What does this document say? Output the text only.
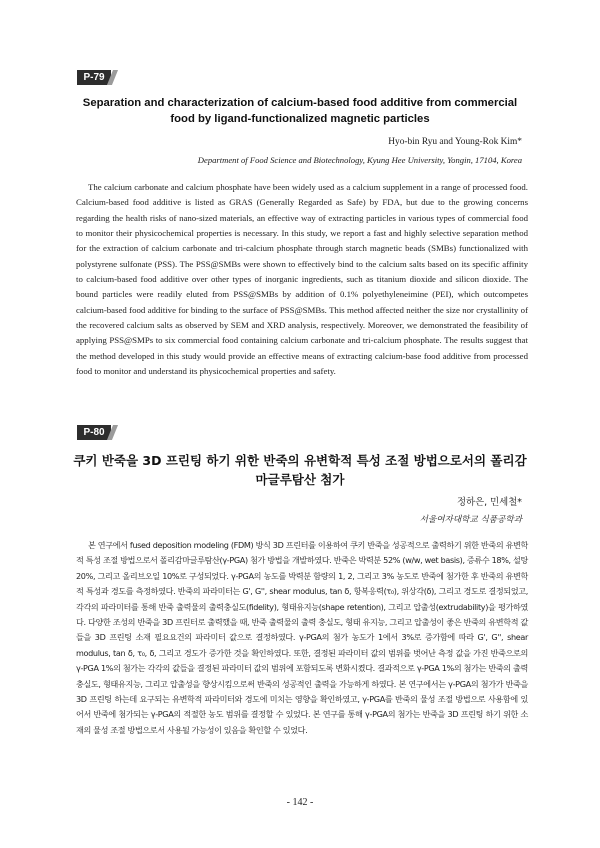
P-79
Separation and characterization of calcium-based food additive from commercial food by ligand-functionalized magnetic particles
Hyo-bin Ryu and Young-Rok Kim*
Department of Food Science and Biotechnology, Kyung Hee University, Yongin, 17104, Korea
The calcium carbonate and calcium phosphate have been widely used as a calcium supplement in a range of processed food. Calcium-based food additive is listed as GRAS (Generally Regarded as Safe) by FDA, but due to the growing concerns regarding the health risks of nano-sized materials, an effective way of extracting particles in various types of commercial food to monitor their physicochemical properties is necessary. In this study, we report a fast and highly selective separation method for the extraction of calcium carbonate and tri-calcium phosphate through starch magnetic beads (SMBs) functionalized with polystyrene sulfonate (PSS). The PSS@SMBs were shown to effectively bind to the calcium salts based on its specific affinity to calcium-based food additive over other types of inorganic ingredients, such as titanium dioxide and silicon dioxide. The bound particles were readily eluted from PSS@SMBs by addition of 0.1% polyethyleneimine (PEI), which outcompetes calcium-based food additive for binding to the surface of PSS@SMBs. This method affected neither the size nor crystallinity of the recovered calcium salts as observed by SEM and XRD analysis, respectively. Moreover, we demonstrated the feasibility of applying PSS@SMPs to six commercial food containing calcium carbonate and tri-calcium phosphate. The results suggest that the method developed in this study would provide an effective means of extracting calcium-base food additive from processed food to monitor and understand its physicochemical properties and safety.
P-80
쿠키 반죽을 3D 프린팅 하기 위한 반죽의 유변학적 특성 조절 방법으로서의 폴리감마글루탐산 첨가
정하은, 민세철*
서울여자대학교 식품공학과
본 연구에서 fused deposition modeling (FDM) 방식 3D 프린터를 이용하여 쿠키 반죽을 성공적으로 출력하기 위한 반죽의 유변학적 특성 조절 방법으로서 폴리감마글루탐산(γ-PGA) 첨가 방법을 개발하였다. 반죽은 박력분 52% (w/w, wet basis), 증류수 18%, 설탕 20%, 그리고 올리브오일 10%로 구성되었다. γ-PGA의 농도를 박력분 함량의 1, 2, 그리고 3% 농도로 반죽에 첨가한 후 반죽의 유변학적 특성과 경도를 측정하였다. 반죽의 파라미터는 G', G'', shear modulus, tan δ, 항복응력(τ₀), 위상각(δ), 그리고 경도로 결정되었고, 각각의 파라미터를 통해 반죽 출력물의 출력충실도(fidelity), 형태유지능(shape retention), 그리고 압출성(extrudability)을 평가하였다. 다양한 조성의 반죽을 3D 프린터로 출력했을 때, 반죽 출력물의 출력 충실도, 형태 유지능, 그리고 압출성이 좋은 반죽의 유변학적 값들을 3D 프린팅 소재 필요요건의 파라미터 값으로 결정하였다. γ-PGA의 첨가 농도가 1에서 3%로 증가함에 따라 G', G'', shear modulus, tan δ, τ₀, δ, 그리고 경도가 증가한 것을 확인하였다. 또한, 결정된 파라미터 값의 범위를 벗어난 측정 값을 가진 반죽으로의 γ-PGA 1%의 첨가는 각각의 값들을 결정된 파라미터 값의 범위에 포함되도록 변화시켰다. 결과적으로 γ-PGA 1%의 첨가는 반죽의 출력충실도, 형태유지능, 그리고 압출성을 향상시킴으로써 반죽의 성공적인 출력을 가능하게 하였다. 본 연구에서는 γ-PGA의 첨가가 반죽을 3D 프린팅 하는데 요구되는 유변학적 파라미터와 경도에 미치는 영향을 확인하였고, γ-PGA를 반죽의 물성 조절 방법으로 사용함에 있어서 반죽에 첨가되는 γ-PGA의 적절한 농도 범위를 결정할 수 있었다. 본 연구를 통해 γ-PGA의 첨가는 반죽을 3D 프린팅 하기 위한 소재의 물성 조절 방법으로서 사용될 가능성이 있음을 확인할 수 있었다.
- 142 -
